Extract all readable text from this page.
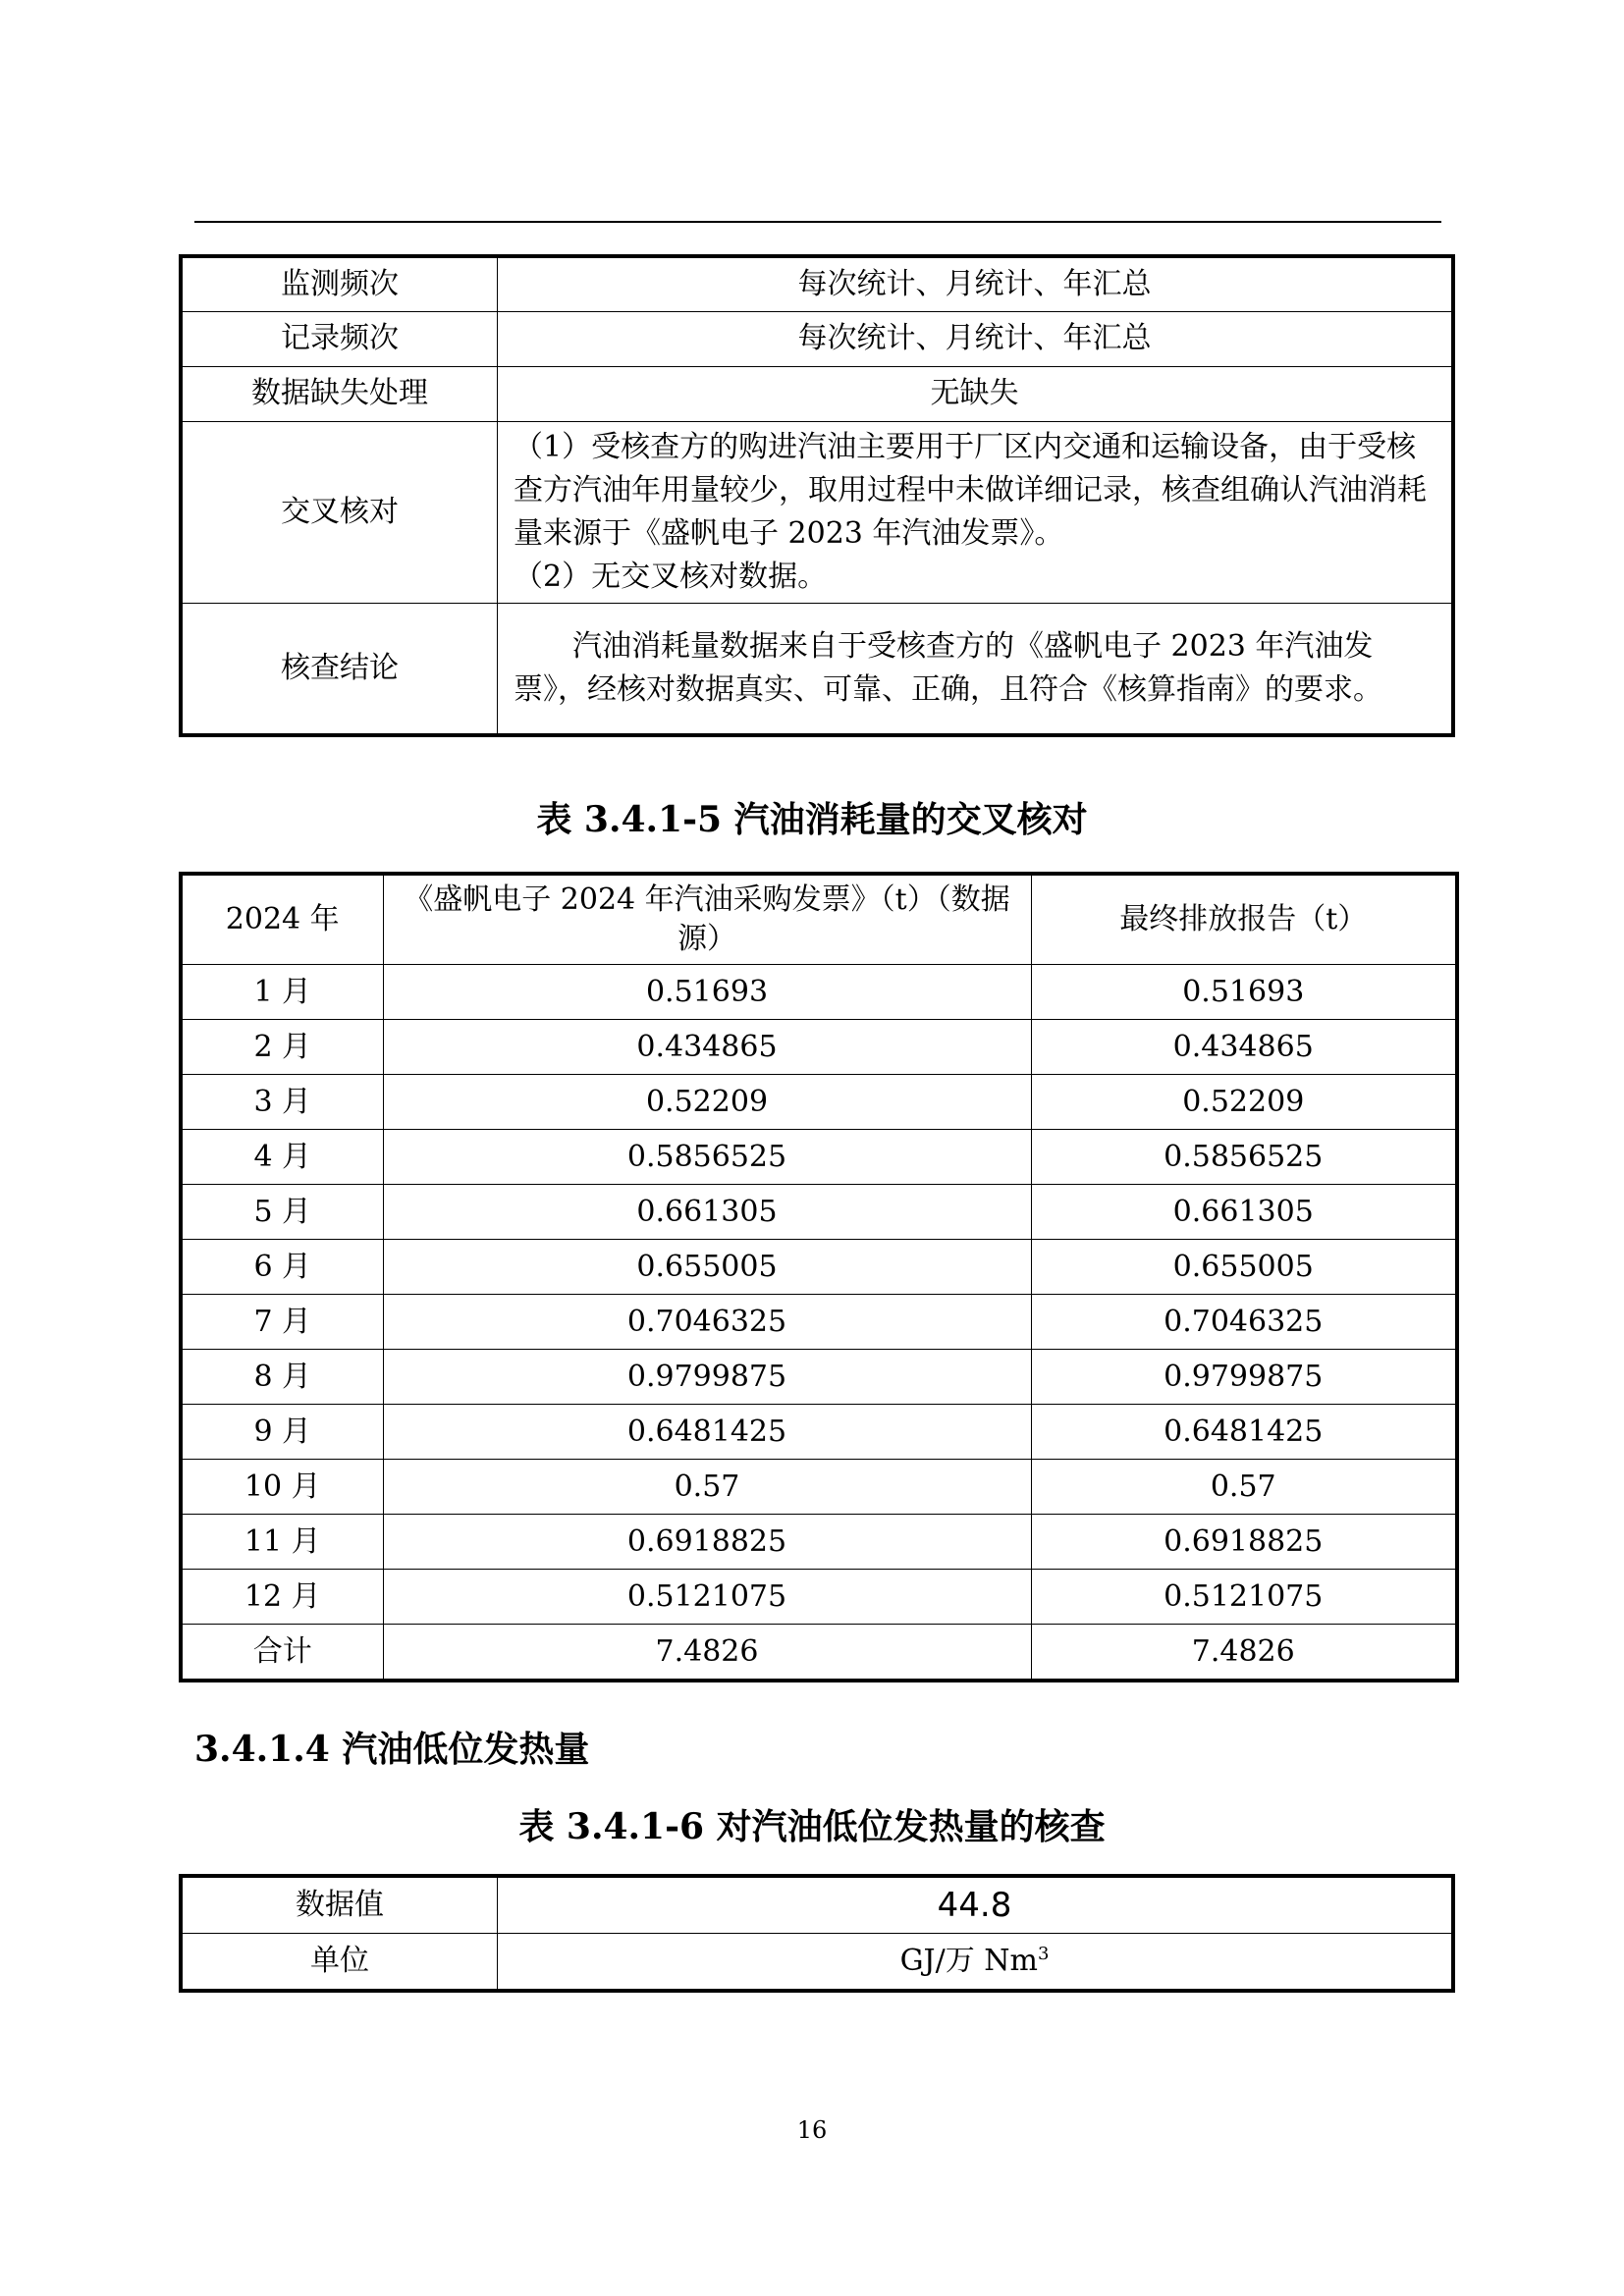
监测频次	每次统计、月统计、年汇总
记录频次	每次统计、月统计、年汇总
数据缺失处理	无缺失
交叉核对	（1）受核查方的购进汽油主要用于厂区内交通和运输设备，由于受核查方汽油年用量较少，取用过程中未做详细记录，核查组确认汽油消耗量来源于《盛帆电子 2023 年汽油发票》。
（2）无交叉核对数据。

核查结论	汽油消耗量数据来自于受核查方的《盛帆电子 2023 年汽油发票》，经核对数据真实、可靠、正确，且符合《核算指南》的要求。
表 3.4.1-5 汽油消耗量的交叉核对
2024 年	《盛帆电子 2024 年汽油采购发票》（t）（数据源）	最终排放报告（t）
1 月	0.51693	0.51693
2 月	0.434865	0.434865
3 月	0.52209	0.52209
4 月	0.5856525	0.5856525
5 月	0.661305	0.661305
6 月	0.655005	0.655005
7 月	0.7046325	0.7046325
8 月	0.9799875	0.9799875
9 月	0.6481425	0.6481425
10 月	0.57	0.57
11 月	0.6918825	0.6918825
12 月	0.5121075	0.5121075
合计	7.4826	7.4826
3.4.1.4 汽油低位发热量
表 3.4.1-6 对汽油低位发热量的核查
数据值	44.8
单位	GJ/万 Nm$^3$
16
